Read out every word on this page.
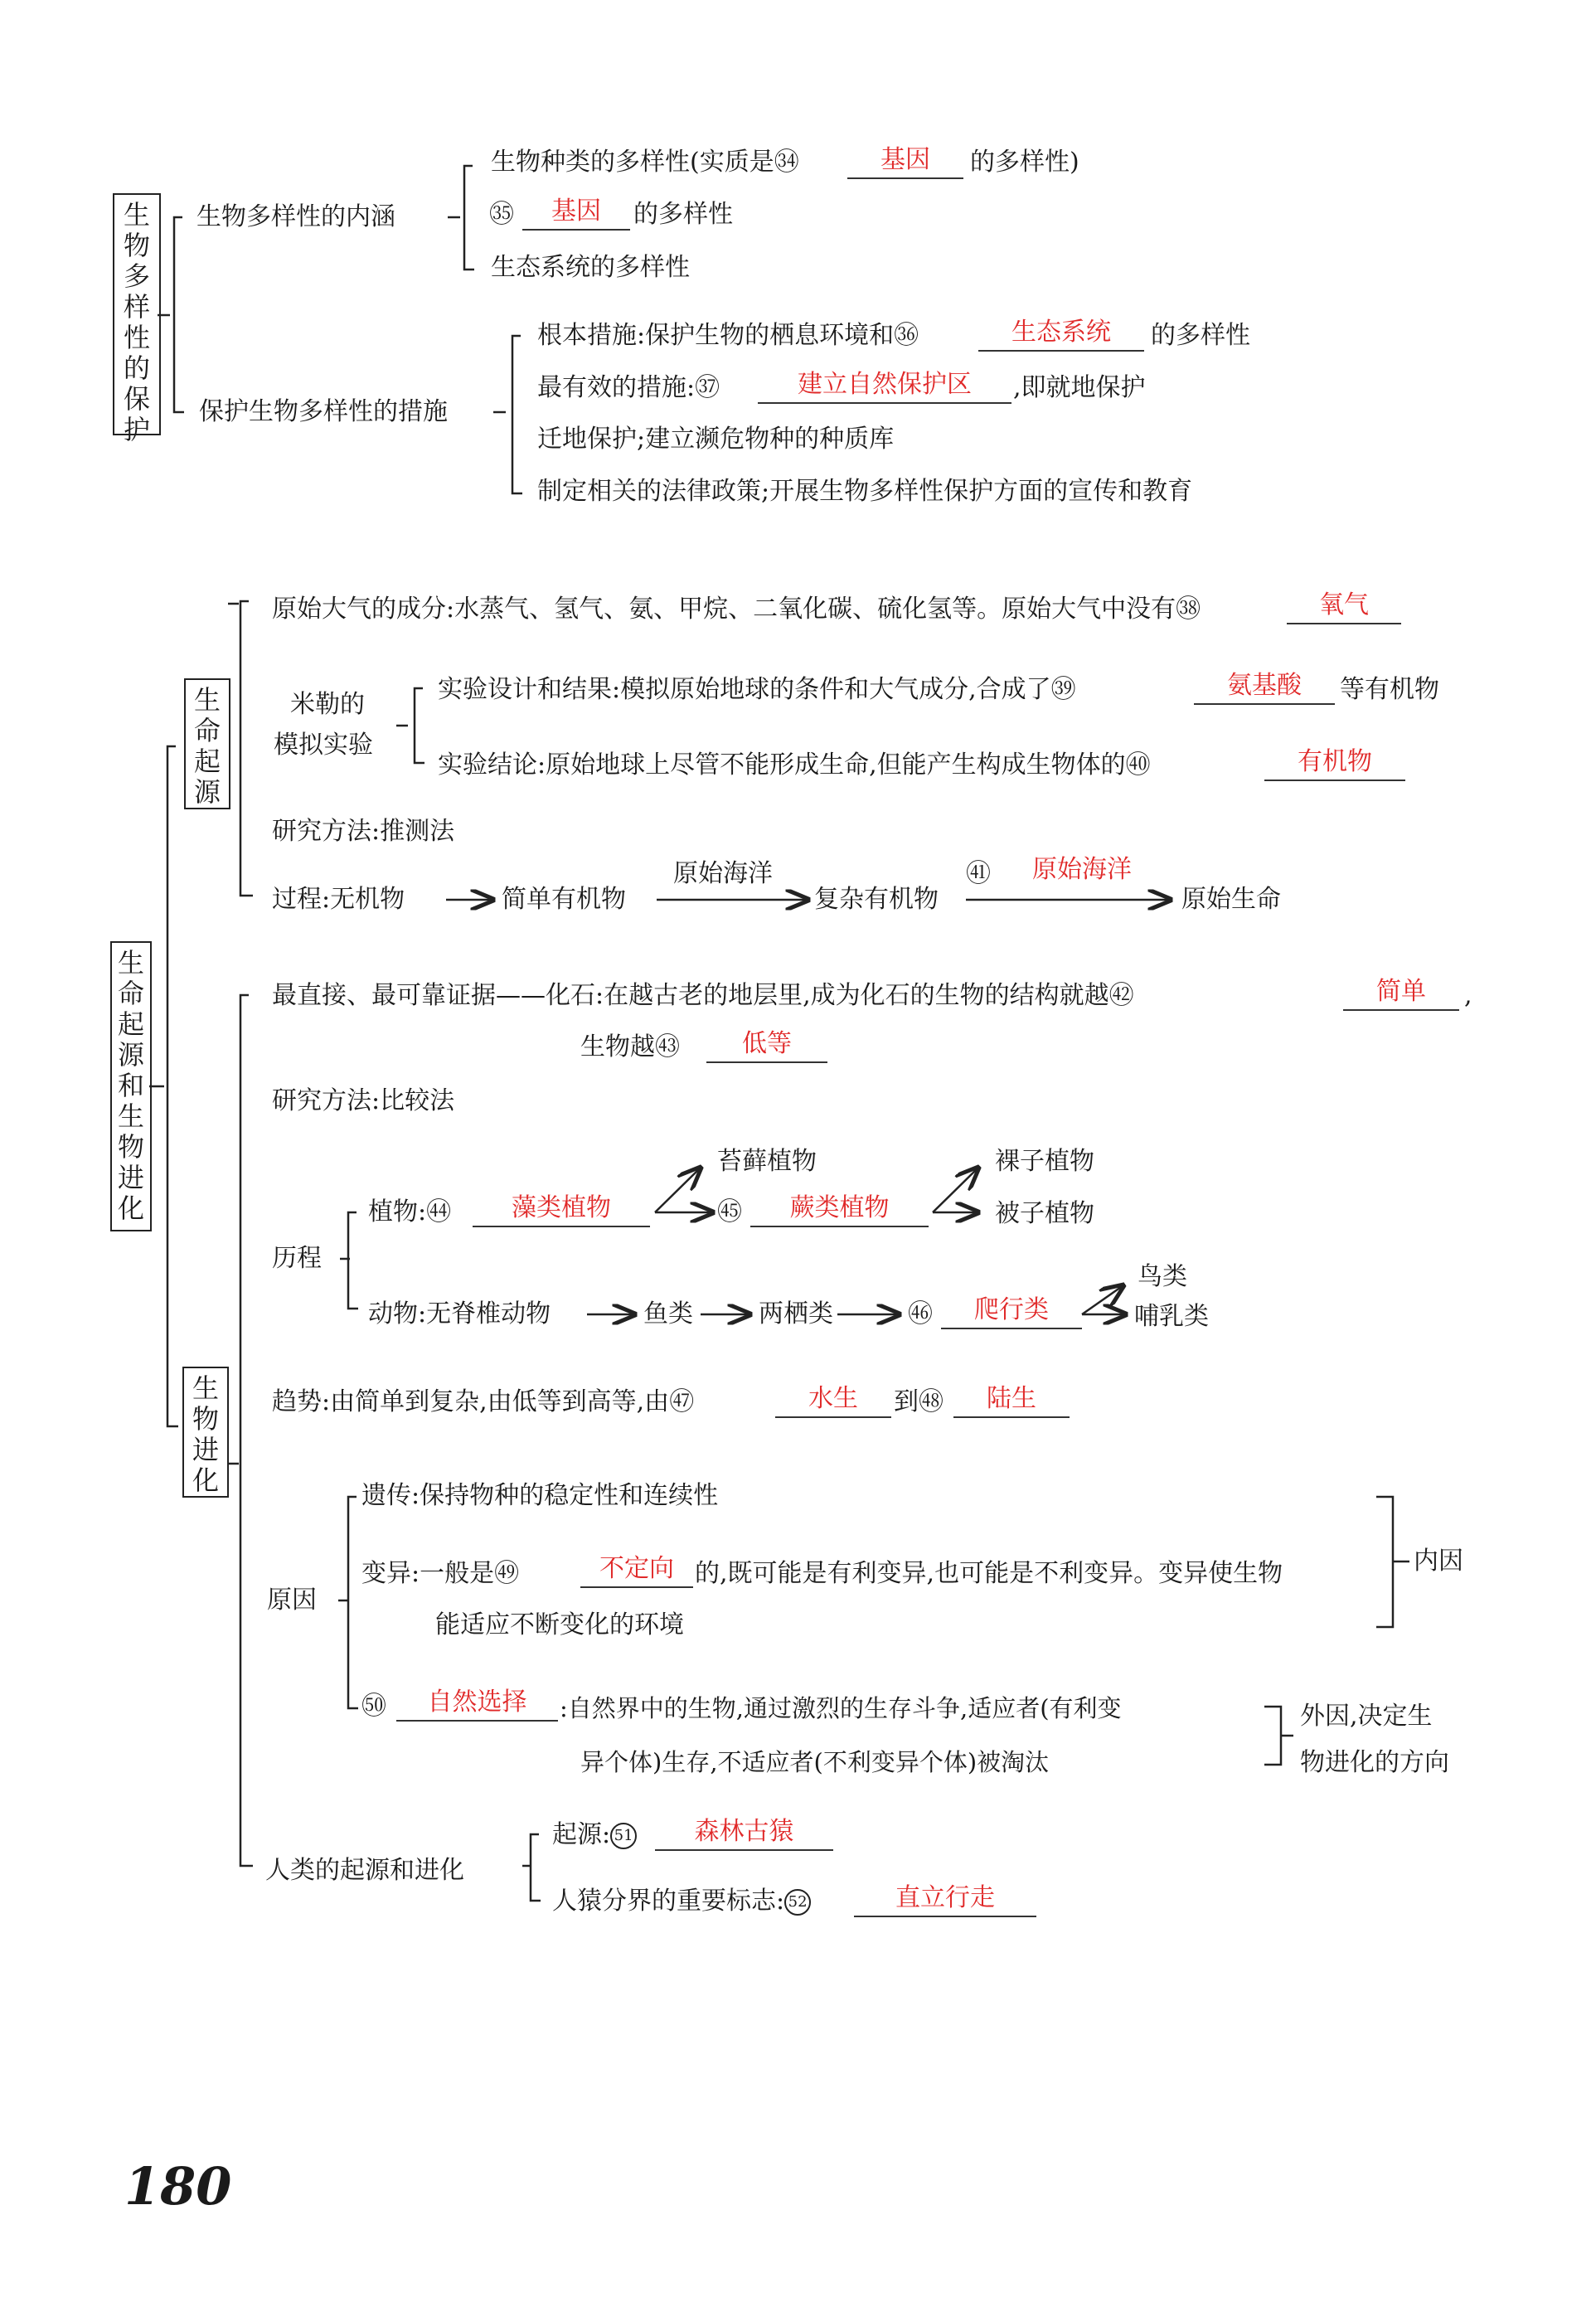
生物多样性的保护
生物多样性的内涵
生物种类的多样性(实质是㉞	基因	的多样性)
㉟	基因	的多样性
生态系统的多样性
保护生物多样性的措施
根本措施:保护生物的栖息环境和㊱	生态系统	的多样性
最有效的措施:㊲	建立自然保护区	,即就地保护
迁地保护;建立濒危物种的种质库
制定相关的法律政策;开展生物多样性保护方面的宣传和教育
生命起源和生物进化
生命起源
原始大气的成分:水蒸气、氢气、氨、甲烷、二氧化碳、硫化氢等。原始大气中没有㊳	氧气
米勒的
模拟实验
实验设计和结果:模拟原始地球的条件和大气成分,合成了㊴	氨基酸	等有机物
实验结论:原始地球上尽管不能形成生命,但能产生构成生物体的㊵	有机物
研究方法:推测法
过程:无机物	简单有机物
原始海洋
复杂有机物
㊶	原始海洋
原始生命
生物进化
最直接、最可靠证据——化石:在越古老的地层里,成为化石的生物的结构就越㊷	简单	,
生物越㊸	低等
研究方法:比较法
历程
植物:㊹	藻类植物
苔藓植物
㊺	蕨类植物
裸子植物
被子植物
动物:无脊椎动物	鱼类	两栖类	㊻	爬行类
鸟类
哺乳类
趋势:由简单到复杂,由低等到高等,由㊼	水生	到㊽	陆生
原因
遗传:保持物种的稳定性和连续性
变异:一般是㊾	不定向 的,既可能是有利变异,也可能是不利变异。变异使生物
能适应不断变化的环境
内因
㊿	自然选择	:自然界中的生物,通过激烈的生存斗争,适应者(有利变
异个体)生存,不适应者(不利变异个体)被淘汰
外因,决定生
物进化的方向
人类的起源和进化
起源: 51	森林古猿
人猿分界的重要标志: 52	直立行走
180
